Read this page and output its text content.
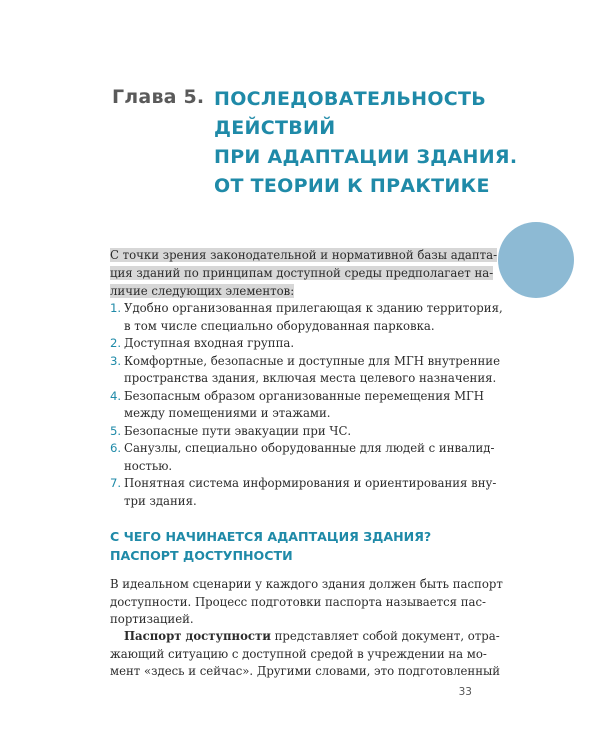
Глава 5. ПОСЛЕДОВАТЕЛЬНОСТЬ
ДЕЙСТВИЙ
ПРИ АДАПТАЦИИ ЗДАНИЯ.
ОТ ТЕОРИИ К ПРАКТИКЕ
С точки зрения законодательной и нормативной базы адапта-
ция зданий по принципам доступной среды предполагает на-
личие следующих элементов:
1. Удобно организованная прилегающая к зданию территория,
в том числе специально оборудованная парковка.
2. Доступная входная группа.
3. Комфортные, безопасные и доступные для МГН внутренние
пространства здания, включая места целевого назначения.
4. Безопасным образом организованные перемещения МГН
между помещениями и этажами.
5. Безопасные пути эвакуации при ЧС.
6. Санузлы, специально оборудованные для людей с инвалид-
ностью.
7. Понятная система информирования и ориентирования вну-
три здания.
С ЧЕГО НАЧИНАЕТСЯ АДАПТАЦИЯ ЗДАНИЯ?
ПАСПОРТ ДОСТУПНОСТИ
В идеальном сценарии у каждого здания должен быть паспорт
доступности. Процесс подготовки паспорта называется пас-
портизацией.
Паспорт доступности представляет собой документ, отра-
жающий ситуацию с доступной средой в учреждении на мо-
мент «здесь и сейчас». Другими словами, это подготовленный
33
